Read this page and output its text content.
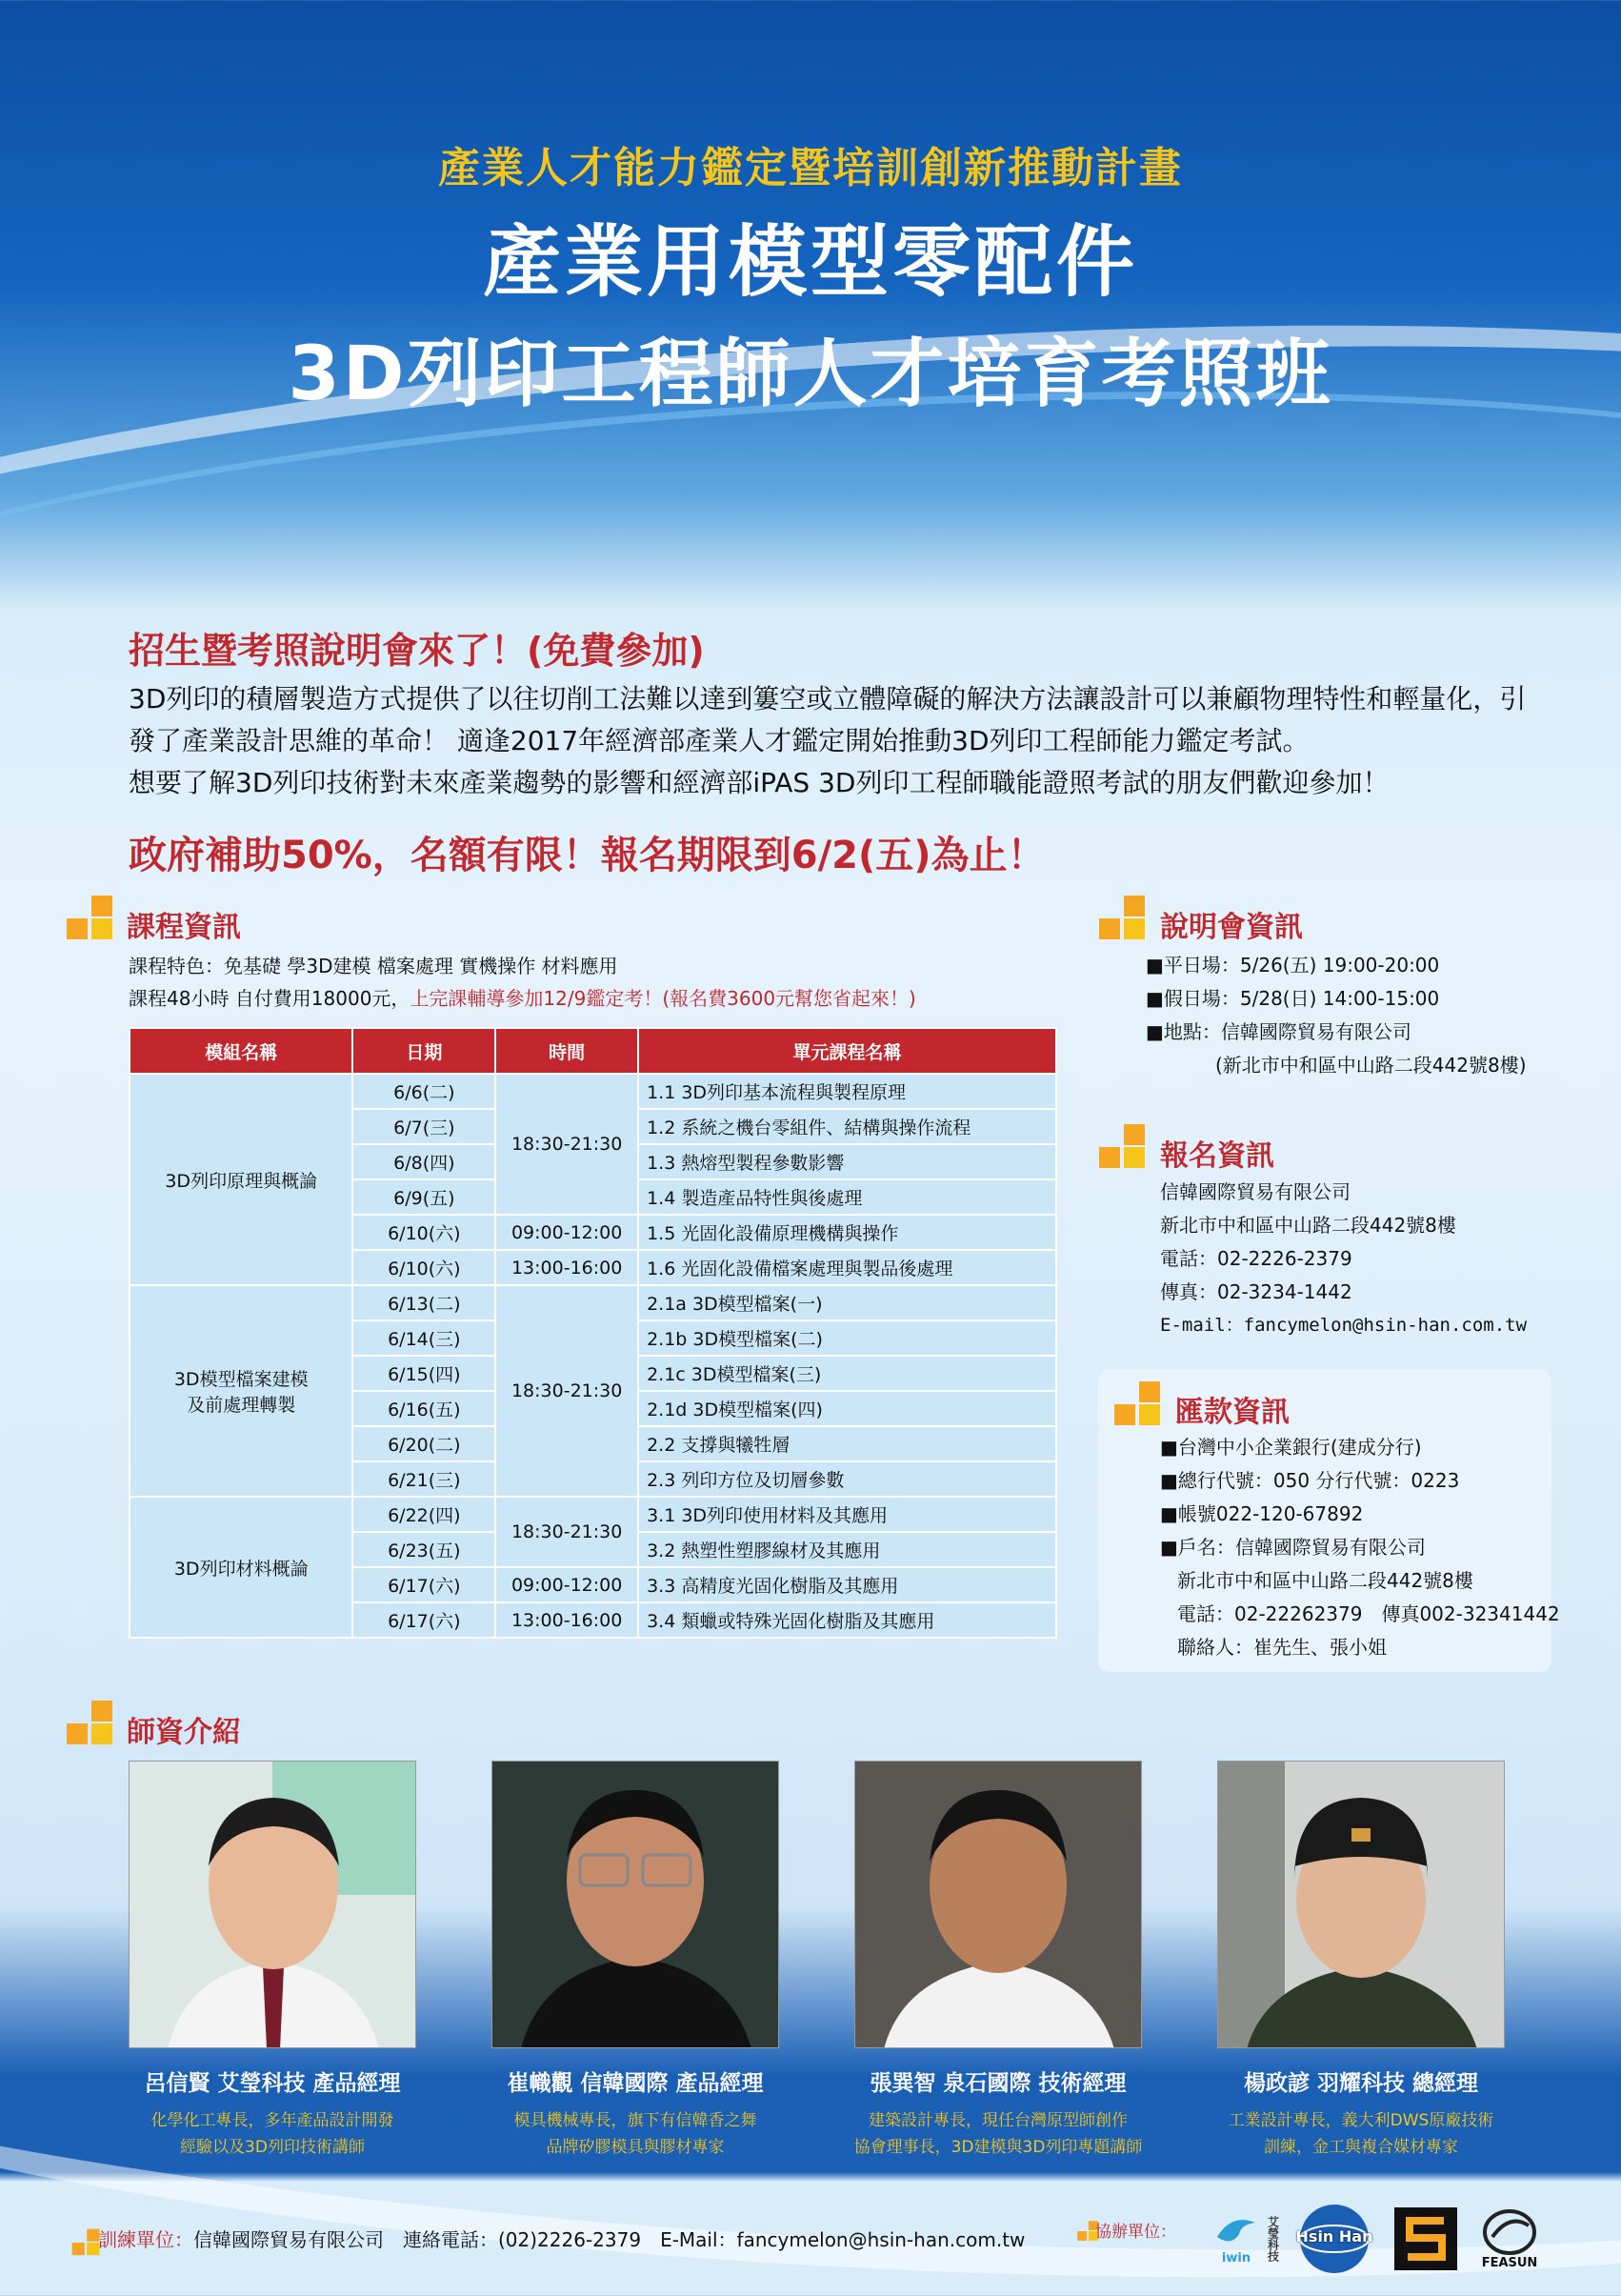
產業人才能力鑑定暨培訓創新推動計畫
產業用模型零配件
3D列印工程師人才培育考照班
招生暨考照說明會來了！(免費參加)
3D列印的積層製造方式提供了以往切削工法難以達到簍空或立體障礙的解決方法讓設計可以兼顧物理特性和輕量化，引發了產業設計思維的革命！ 適逢2017年經濟部產業人才鑑定開始推動3D列印工程師能力鑑定考試。
想要了解3D列印技術對未來產業趨勢的影響和經濟部iPAS 3D列印工程師職能證照考試的朋友們歡迎參加！
政府補助50%，名額有限！報名期限到6/2(五)為止！
課程資訊
課程特色：免基礎 學3D建模 檔案處理 實機操作 材料應用
課程48小時 自付費用18000元，上完課輔導參加12/9鑑定考！(報名費3600元幫您省起來！)
模組名稱	日期	時間	單元課程名稱
3D列印原理與概論	6/6(二)	18:30-21:30	1.1 3D列印基本流程與製程原理
	6/7(三)		1.2 系統之機台零組件、結構與操作流程
	6/8(四)		1.3 熱熔型製程參數影響
	6/9(五)		1.4 製造產品特性與後處理
	6/10(六)	09:00-12:00	1.5 光固化設備原理機構與操作
	6/10(六)	13:00-16:00	1.6 光固化設備檔案處理與製品後處理

3D模型檔案建模
及前處理轉製	6/13(二)	18:30-21:30	2.1a 3D模型檔案(一)
	6/14(三)		2.1b 3D模型檔案(二)
	6/15(四)		2.1c 3D模型檔案(三)
	6/16(五)		2.1d 3D模型檔案(四)
	6/20(二)		2.2 支撐與犧牲層
	6/21(三)		2.3 列印方位及切層參數
3D列印材料概論	6/22(四)	18:30-21:30	3.1 3D列印使用材料及其應用
	6/23(五)		3.2 熱塑性塑膠線材及其應用
	6/17(六)	09:00-12:00	3.3 高精度光固化樹脂及其應用
	6/17(六)	13:00-16:00	3.4 類蠟或特殊光固化樹脂及其應用
說明會資訊
■平日場：5/26(五) 19:00-20:00
■假日場：5/28(日) 14:00-15:00
■地點：信韓國際貿易有限公司
(新北市中和區中山路二段442號8樓)
報名資訊
信韓國際貿易有限公司
新北市中和區中山路二段442號8樓
電話：02-2226-2379
傳真：02-3234-1442
E-mail：fancymelon@hsin-han.com.tw
匯款資訊
■台灣中小企業銀行(建成分行)
■總行代號：050 分行代號：0223
■帳號022-120-67892
■戶名：信韓國際貿易有限公司
新北市中和區中山路二段442號8樓
電話：02-22262379　傳真002-32341442
聯絡人：崔先生、張小姐
師資介紹
呂信賢 艾瑩科技 產品經理	崔幟觀 信韓國際 產品經理	張巽智 泉石國際 技術經理	楊政諺 羽耀科技 總經理
化學化工專長，多年產品設計開發
經驗以及3D列印技術講師
模具機械專長，旗下有信韓香之舞
品牌矽膠模具與膠材專家
建築設計專長，現任台灣原型師創作
協會理事長，3D建模與3D列印專題講師
工業設計專長，義大利DWS原廠技術
訓練，金工與複合媒材專家
訓練單位：信韓國際貿易有限公司　連絡電話：(02)2226-2379　E-Mail：fancymelon@hsin-han.com.tw	協辦單位：
iwin	艾瑩科技	Hsin Han
FEASUN
